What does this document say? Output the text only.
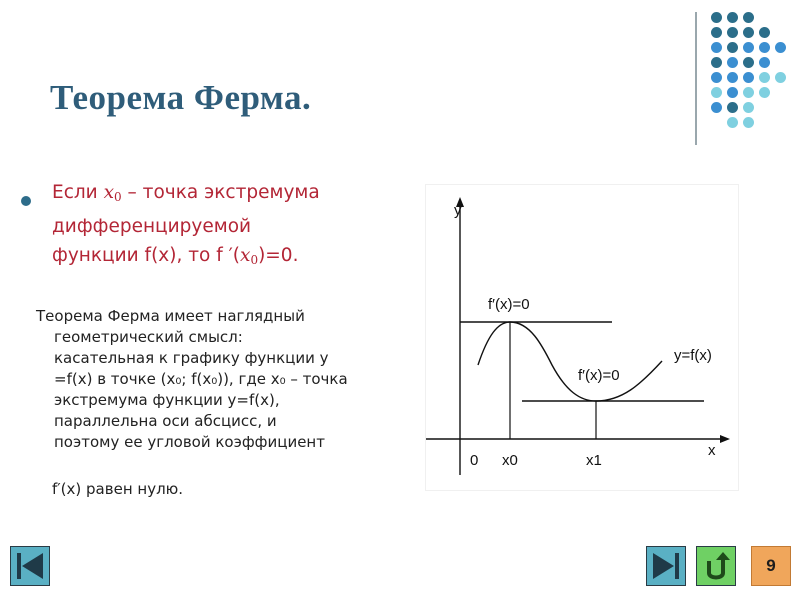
Теорема Ферма.
Если $x_0$ – точка экстремума
дифференцируемой
функции f(x), то f $'(x_0)=0$.
Теорема Ферма имеет наглядный
геометрический смысл:
касательная к графику функции y
=f(x) в точке (x₀; f(x₀)), где x₀ – точка
экстремума функции y=f(x),
параллельна оси абсцисс, и
поэтому ее угловой коэффициент
f′(x) равен нулю.
y
x
0 x0	x1
f′(x)=0
f′(x)=0
y=f(x)
9
